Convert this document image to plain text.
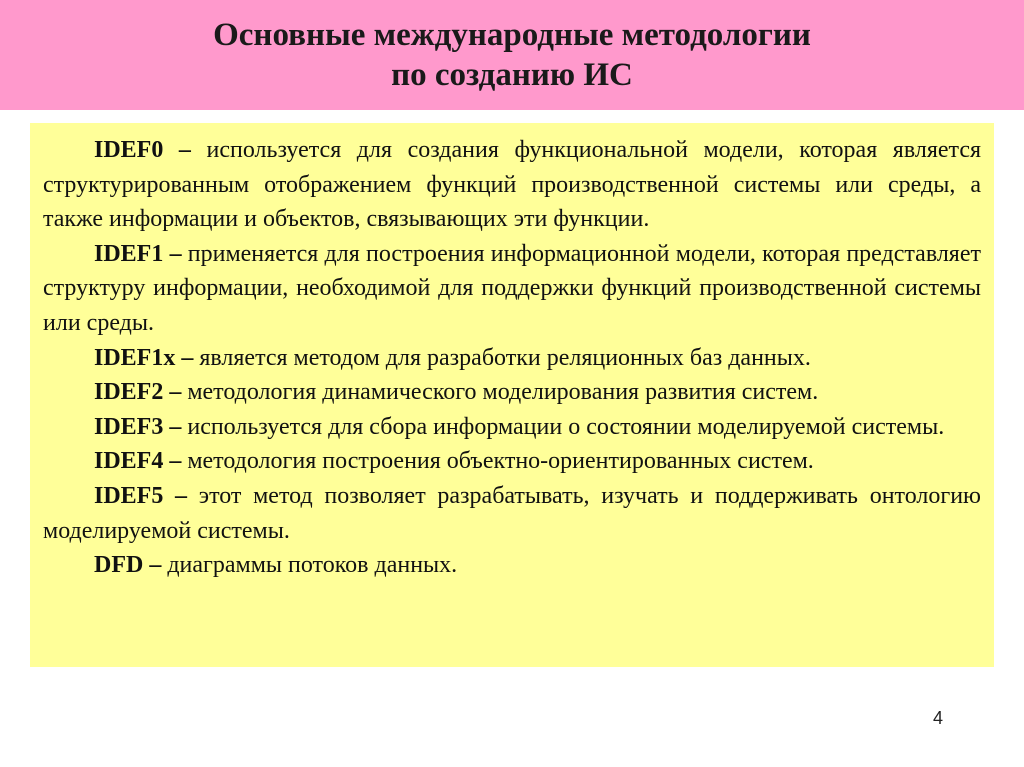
Основные международные методологии
по созданию ИС

IDEF0 – используется для создания функциональной модели, которая является структурированным отображением функций производственной системы или среды, а также информации и объектов, связывающих эти функции.

IDEF1 – применяется для построения информационной модели, которая представляет структуру информации, необходимой для поддержки функций производственной системы или среды.

IDEF1x – является методом для разработки реляционных баз данных.

IDEF2 – методология динамического моделирования развития систем.

IDEF3 – используется для сбора информации о состоянии моделируемой системы.

IDEF4 – методология построения объектно-ориентированных систем.

IDEF5 – этот метод позволяет разрабатывать, изучать и поддерживать онтологию моделируемой системы.

DFD – диаграммы потоков данных.

4
